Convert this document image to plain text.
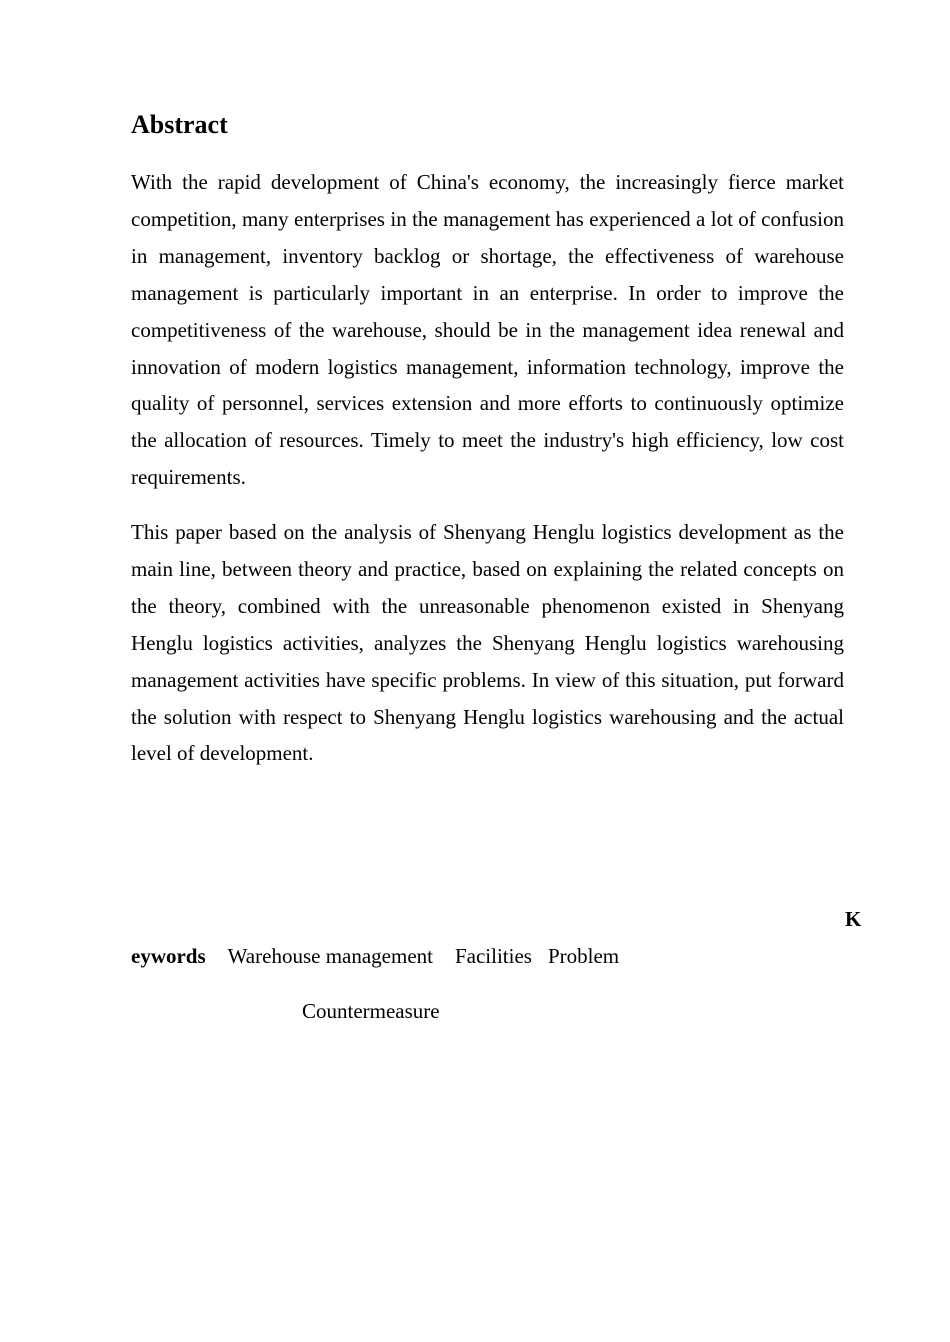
Abstract

With the rapid development of China's economy, the increasingly fierce market competition, many enterprises in the management has experienced a lot of confusion in management, inventory backlog or shortage, the effectiveness of warehouse management is particularly important in an enterprise. In order to improve the competitiveness of the warehouse, should be in the management idea renewal and innovation of modern logistics management, information technology, improve the quality of personnel, services extension and more efforts to continuously optimize the allocation of resources. Timely to meet the industry's high efficiency, low cost requirements.

This paper based on the analysis of Shenyang Henglu logistics development as the main line, between theory and practice, based on explaining the related concepts on the theory, combined with the unreasonable phenomenon existed in Shenyang Henglu logistics activities, analyzes the Shenyang Henglu logistics warehousing management activities have specific problems. In view of this situation, put forward the solution with respect to Shenyang Henglu logistics warehousing and the actual level of development.

K
eywords Warehouse management Facilities Problem
Countermeasure
